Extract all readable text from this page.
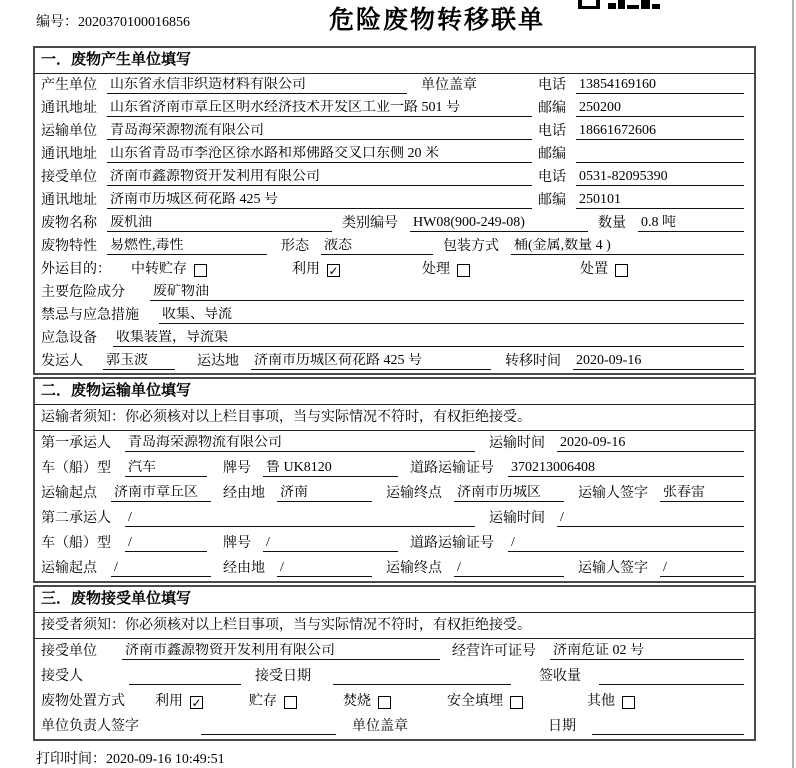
编号：2020370100016856	危险废物转移联单
一．废物产生单位填写
产生单位 山东省永信非织造材料有限公司	单位盖章	电话 13854169160
通讯地址 山东省济南市章丘区明水经济技术开发区工业一路 501 号	邮编 250200
运输单位 青岛海荣源物流有限公司	电话 18661672606
通讯地址 山东省青岛市李沧区徐水路和郑佛路交叉口东侧 20 米	邮编
接受单位 济南市鑫源物资开发利用有限公司	电话 0531-82095390
通讯地址 济南市历城区荷花路 425 号	邮编 250101
废物名称 废机油	类别编号 HW08(900-249-08)	数量 0.8 吨
废物特性 易燃性,毒性	形态 液态	包装方式 桶(金属,数量 4 )
外运目的： 中转贮存	利用 ✓	处理	处置
主要危险成分 废矿物油
禁忌与应急措施 收集、导流
应急设备 收集装置，导流渠
发运人 郭玉波	运达地 济南市历城区荷花路 425 号	转移时间 2020-09-16
二．废物运输单位填写
运输者须知：你必须核对以上栏目事项，当与实际情况不符时，有权拒绝接受。
第一承运人 青岛海荣源物流有限公司	运输时间 2020-09-16
车（船）型 汽车	牌号 鲁 UK8120	道路运输证号 370213006408
运输起点 济南市章丘区	经由地 济南	运输终点 济南市历城区	运输人签字 张春雷
第二承运人 /	运输时间 /
车（船）型 /	牌号 /	道路运输证号 /
运输起点 /	经由地 /	运输终点 /	运输人签字 /
三．废物接受单位填写
接受者须知：你必须核对以上栏目事项，当与实际情况不符时，有权拒绝接受。
接受单位 济南市鑫源物资开发利用有限公司	经营许可证号 济南危证 02 号
接受人	接受日期	签收量
废物处置方式 利用 ✓	贮存	焚烧	安全填埋	其他
单位负责人签字	单位盖章	日期
打印时间：2020-09-16 10:49:51
